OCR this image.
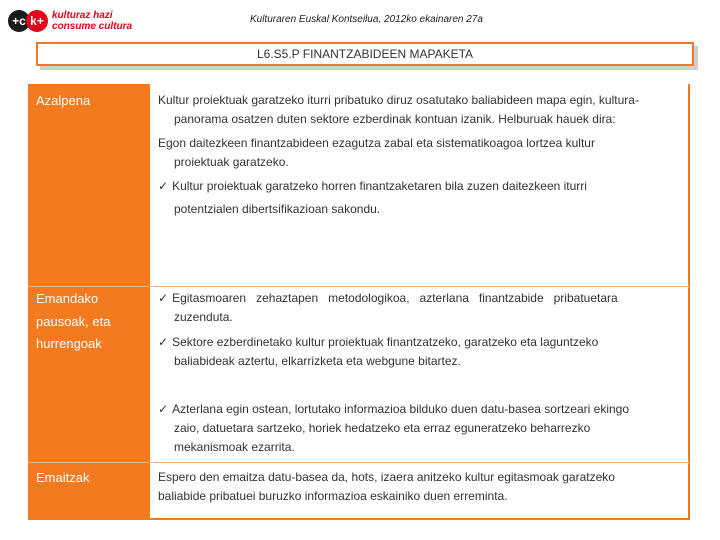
+c k+ kulturaz hazi
consume cultura
Kulturaren Euskal Kontseilua, 2012ko ekainaren 27a
L6.S5.P FINANTZABIDEEN MAPAKETA
Azalpena	Kultur proiektuak garatzeko iturri pribatuko diruz osatutako baliabideen mapa egin, kultura-
panorama osatzen duten sektore ezberdinak kontuan izanik. Helburuak hauek dira:
Egon daitezkeen finantzabideen ezagutza zabal eta sistematikoagoa lortzea kultur
proiektuak garatzeko.
✓ Kultur proiektuak garatzeko horren finantzaketaren bila zuzen daitezkeen iturri
potentzialen dibertsifikazioan sakondu.
Emandako
pausoak, eta
hurrengoak
✓ Egitasmoaren   zehaztapen   metodologikoa,   azterlana   finantzabide   pribatuetara
zuzenduta.
✓ Sektore ezberdinetako kultur proiektuak finantzatzeko, garatzeko eta laguntzeko
baliabideak aztertu, elkarrizketa eta webgune bitartez.
✓ Azterlana egin ostean, lortutako informazioa bilduko duen datu-basea sortzeari ekingo
zaio, datuetara sartzeko, horiek hedatzeko eta erraz eguneratzeko beharrezko
mekanismoak ezarrita.
Emaitzak	Espero den emaitza datu-basea da, hots, izaera anitzeko kultur egitasmoak garatzeko
baliabide pribatuei buruzko informazioa eskainiko duen erreminta.
